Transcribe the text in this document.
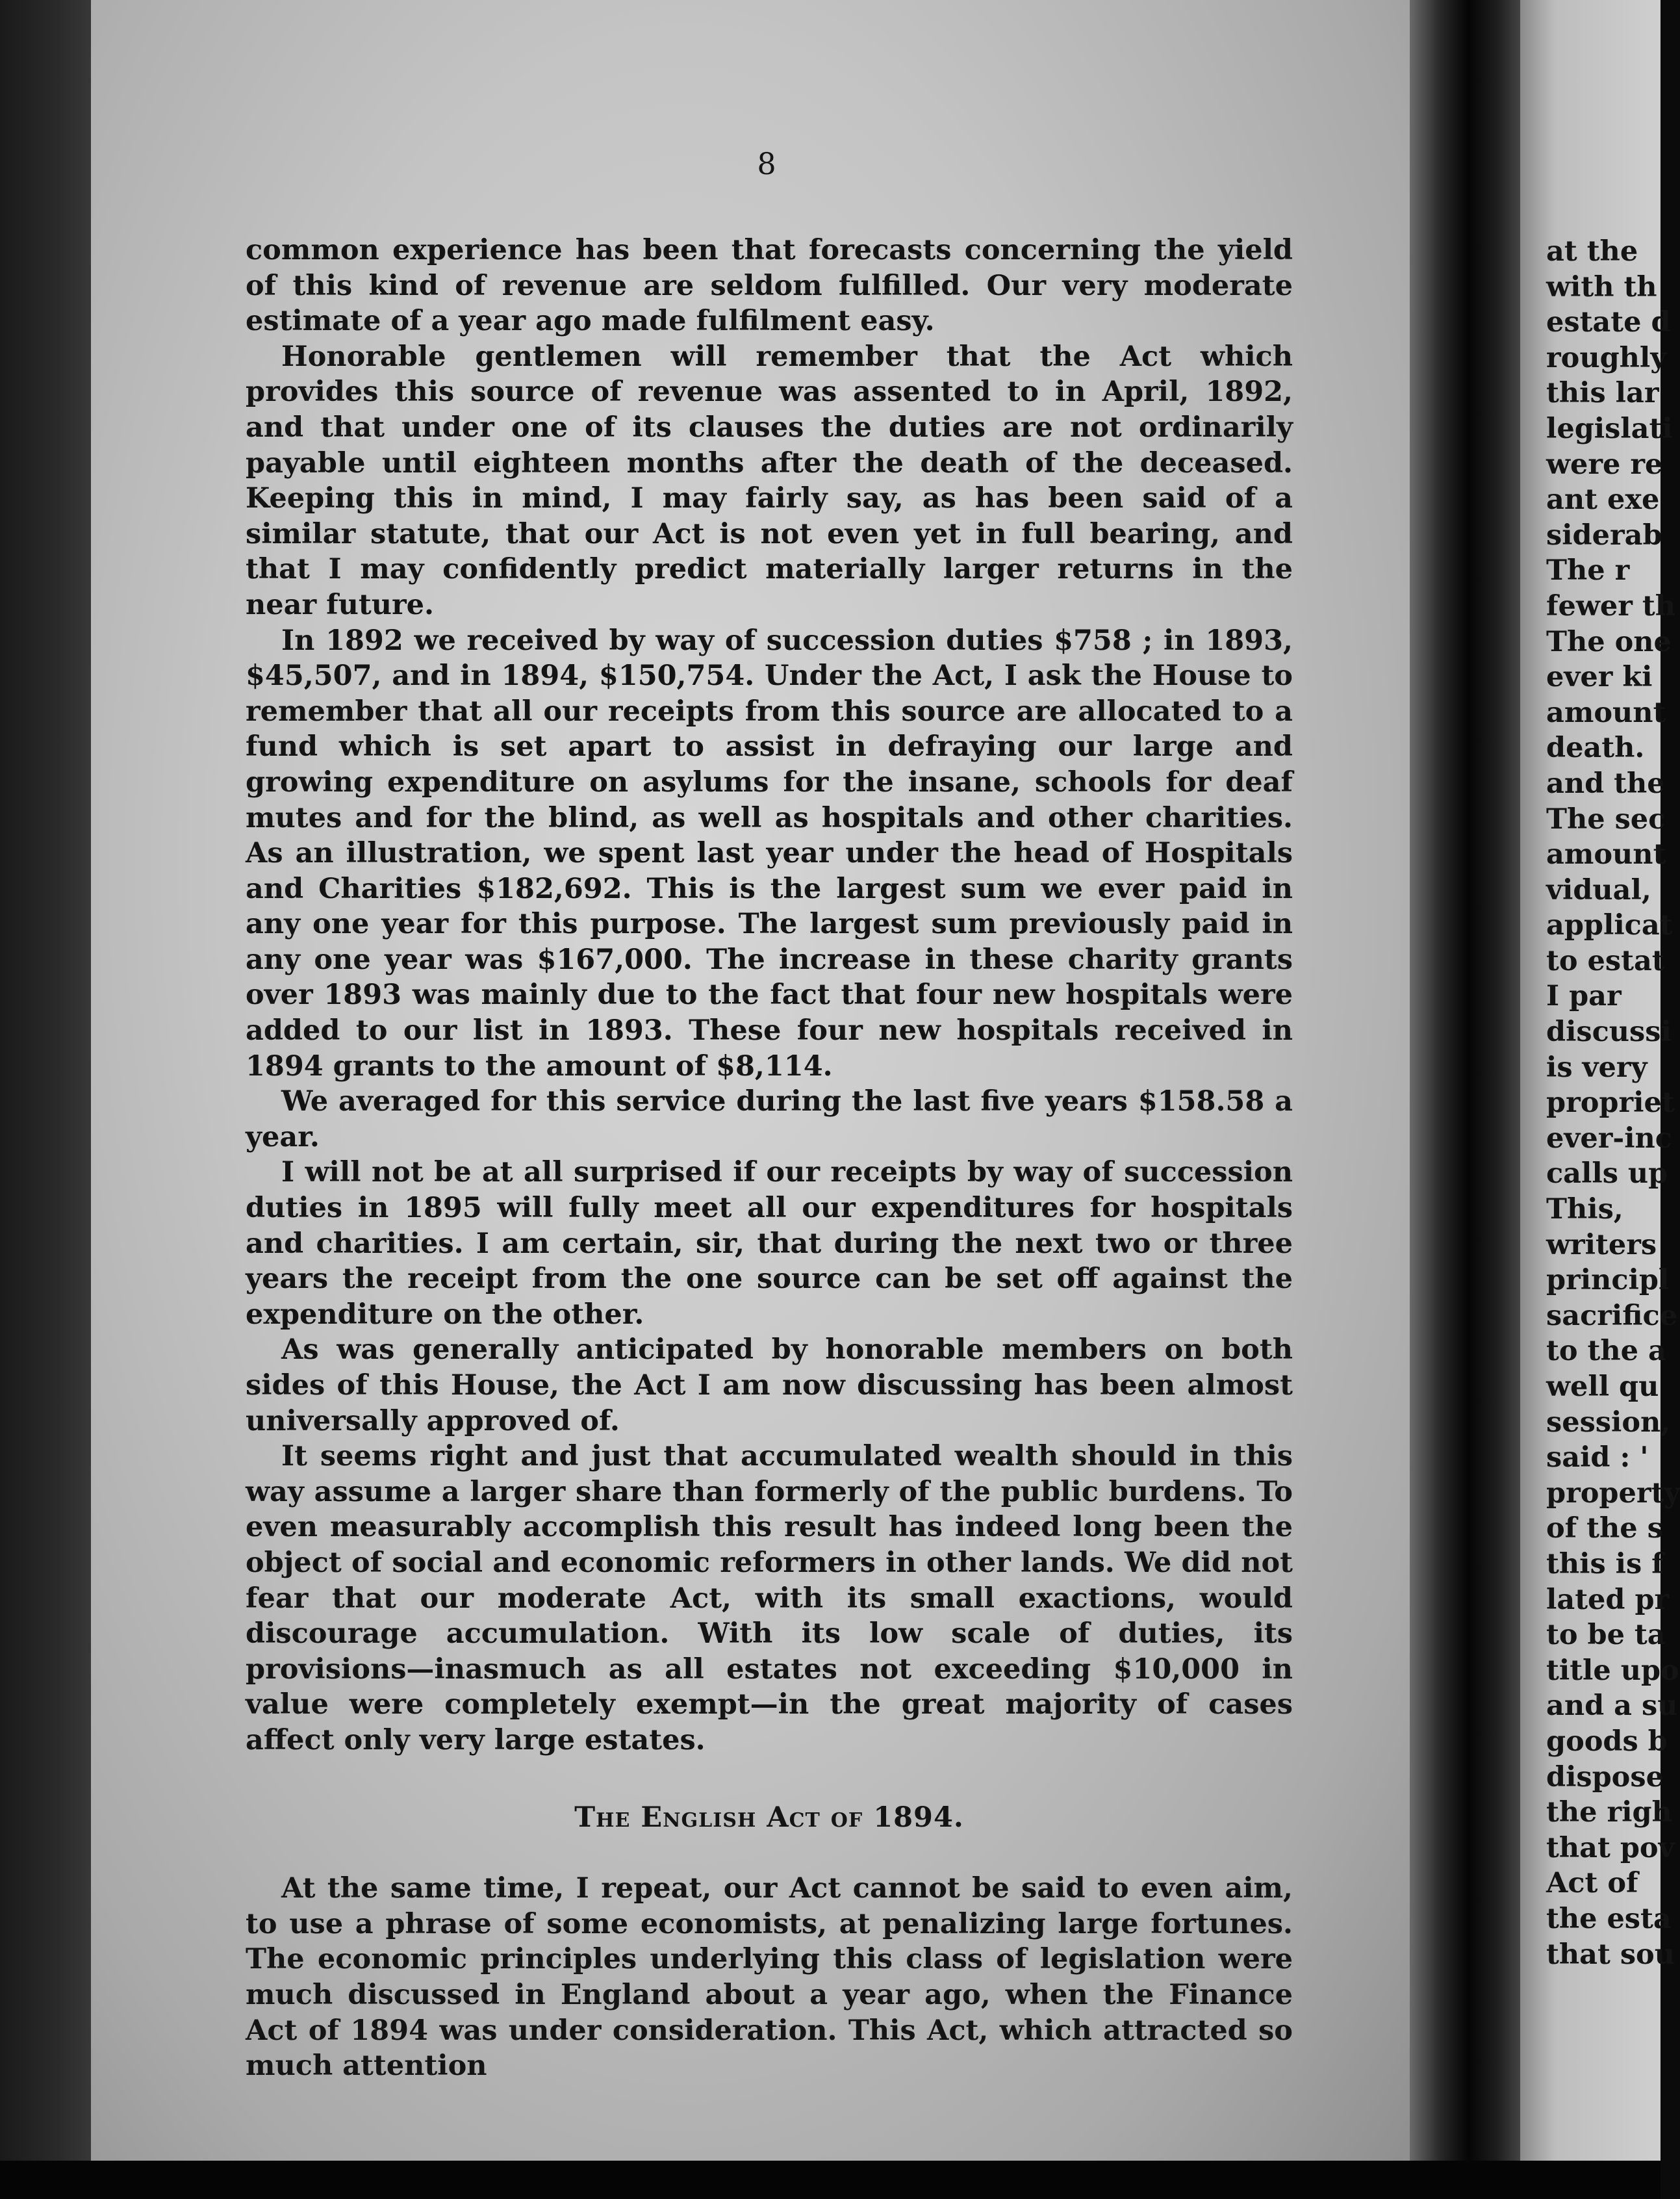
8

common experience has been that forecasts concerning the yield of this kind of revenue are seldom fulfilled. Our very moderate estimate of a year ago made fulfilment easy.

Honorable gentlemen will remember that the Act which provides this source of revenue was assented to in April, 1892, and that under one of its clauses the duties are not ordinarily payable until eighteen months after the death of the deceased. Keeping this in mind, I may fairly say, as has been said of a similar statute, that our Act is not even yet in full bearing, and that I may confidently predict materially larger returns in the near future.

In 1892 we received by way of succession duties $758 ; in 1893, $45,507, and in 1894, $150,754. Under the Act, I ask the House to remember that all our receipts from this source are allocated to a fund which is set apart to assist in defraying our large and growing expenditure on asylums for the insane, schools for deaf mutes and for the blind, as well as hospitals and other charities. As an illustration, we spent last year under the head of Hospitals and Charities $182,692. This is the largest sum we ever paid in any one year for this purpose. The largest sum previously paid in any one year was $167,000. The increase in these charity grants over 1893 was mainly due to the fact that four new hospitals were added to our list in 1893. These four new hospitals received in 1894 grants to the amount of $8,114.

We averaged for this service during the last five years $158.58 a year.

I will not be at all surprised if our receipts by way of succession duties in 1895 will fully meet all our expenditures for hospitals and charities. I am certain, sir, that during the next two or three years the receipt from the one source can be set off against the expenditure on the other.

As was generally anticipated by honorable members on both sides of this House, the Act I am now discussing has been almost universally approved of.

It seems right and just that accumulated wealth should in this way assume a larger share than formerly of the public burdens. To even measurably accomplish this result has indeed long been the object of social and economic reformers in other lands. We did not fear that our moderate Act, with its small exactions, would discourage accumulation. With its low scale of duties, its provisions—inasmuch as all estates not exceeding $10,000 in value were completely exempt—in the great majority of cases affect only very large estates.

The English Act of 1894.

At the same time, I repeat, our Act cannot be said to even aim, to use a phrase of some economists, at penalizing large fortunes. The economic principles underlying this class of legislation were much discussed in England about a year ago, when the Finance Act of 1894 was under consideration. This Act, which attracted so much attention

at the
with th
estate d
roughly
this lar
legislati
were re
ant exe
siderab
The r
fewer th
The one
ever ki
amount
death.
and the
The sec
amount
vidual,
applicat
to estat
I par
discussi
is very
propriet
ever-inc
calls up
This,
writers
principl
sacrifice
to the a
well qu
session,
said : '
property
of the s
this is f
lated pr
to be ta
title upo
and a su
goods b
dispose
the righ
that pov
Act of
the esta
that sou
